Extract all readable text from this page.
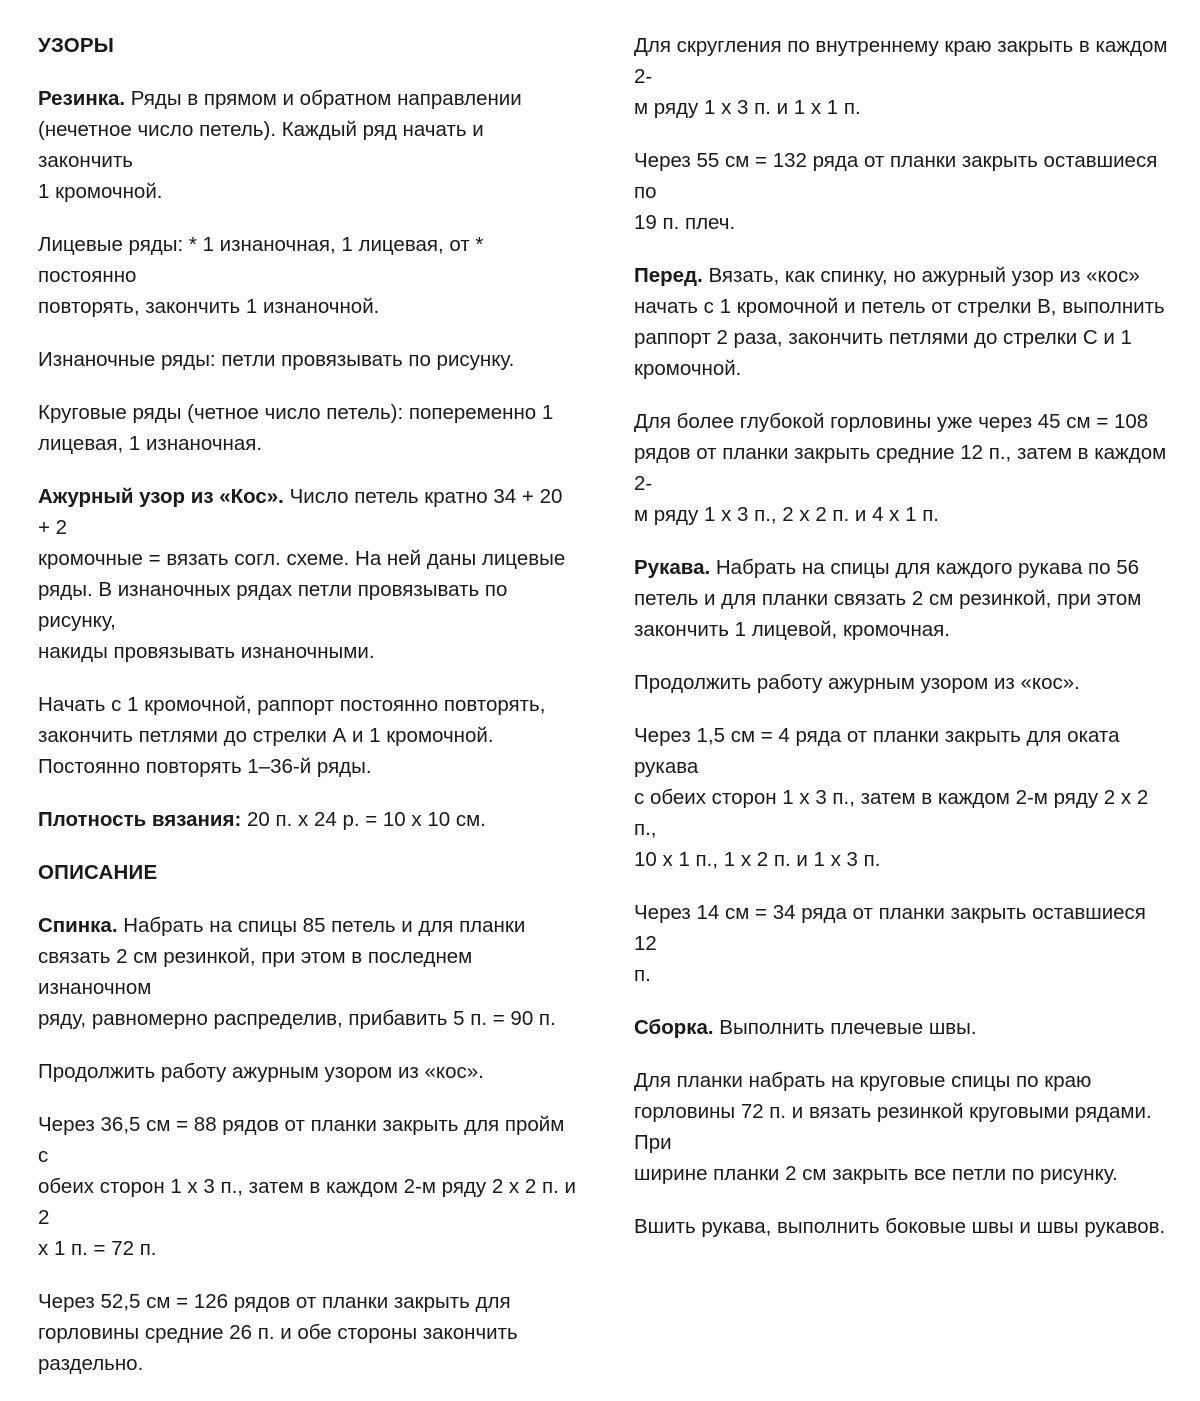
УЗОРЫ

Резинка. Ряды в прямом и обратном направлении
(нечетное число петель). Каждый ряд начать и закончить
1 кромочной.

Лицевые ряды: * 1 изнаночная, 1 лицевая, от * постоянно
повторять, закончить 1 изнаночной.

Изнаночные ряды: петли провязывать по рисунку.

Круговые ряды (четное число петель): попеременно 1
лицевая, 1 изнаночная.

Ажурный узор из «Кос». Число петель кратно 34 + 20 + 2
кромочные = вязать согл. схеме. На ней даны лицевые
ряды. В изнаночных рядах петли провязывать по рисунку,
накиды провязывать изнаночными.

Начать с 1 кромочной, раппорт постоянно повторять,
закончить петлями до стрелки А и 1 кромочной.
Постоянно повторять 1–36-й ряды.

Плотность вязания: 20 п. х 24 р. = 10 х 10 см.

ОПИСАНИЕ

Спинка. Набрать на спицы 85 петель и для планки
связать 2 см резинкой, при этом в последнем изнаночном
ряду, равномерно распределив, прибавить 5 п. = 90 п.

Продолжить работу ажурным узором из «кос».

Через 36,5 см = 88 рядов от планки закрыть для пройм с
обеих сторон 1 х 3 п., затем в каждом 2-м ряду 2 х 2 п. и 2
х 1 п. = 72 п.

Через 52,5 см = 126 рядов от планки закрыть для
горловины средние 26 п. и обе стороны закончить
раздельно.

Для скругления по внутреннему краю закрыть в каждом 2-
м ряду 1 х 3 п. и 1 х 1 п.

Через 55 см = 132 ряда от планки закрыть оставшиеся по
19 п. плеч.

Перед. Вязать, как спинку, но ажурный узор из «кос»
начать с 1 кромочной и петель от стрелки В, выполнить
раппорт 2 раза, закончить петлями до стрелки С и 1
кромочной.

Для более глубокой горловины уже через 45 см = 108
рядов от планки закрыть средние 12 п., затем в каждом 2-
м ряду 1 х 3 п., 2 х 2 п. и 4 х 1 п.

Рукава. Набрать на спицы для каждого рукава по 56
петель и для планки связать 2 см резинкой, при этом
закончить 1 лицевой, кромочная.

Продолжить работу ажурным узором из «кос».

Через 1,5 см = 4 ряда от планки закрыть для оката рукава
с обеих сторон 1 х 3 п., затем в каждом 2-м ряду 2 х 2 п.,
10 х 1 п., 1 х 2 п. и 1 х 3 п.

Через 14 см = 34 ряда от планки закрыть оставшиеся 12
п.

Сборка. Выполнить плечевые швы.

Для планки набрать на круговые спицы по краю
горловины 72 п. и вязать резинкой круговыми рядами. При
ширине планки 2 см закрыть все петли по рисунку.

Вшить рукава, выполнить боковые швы и швы рукавов.
